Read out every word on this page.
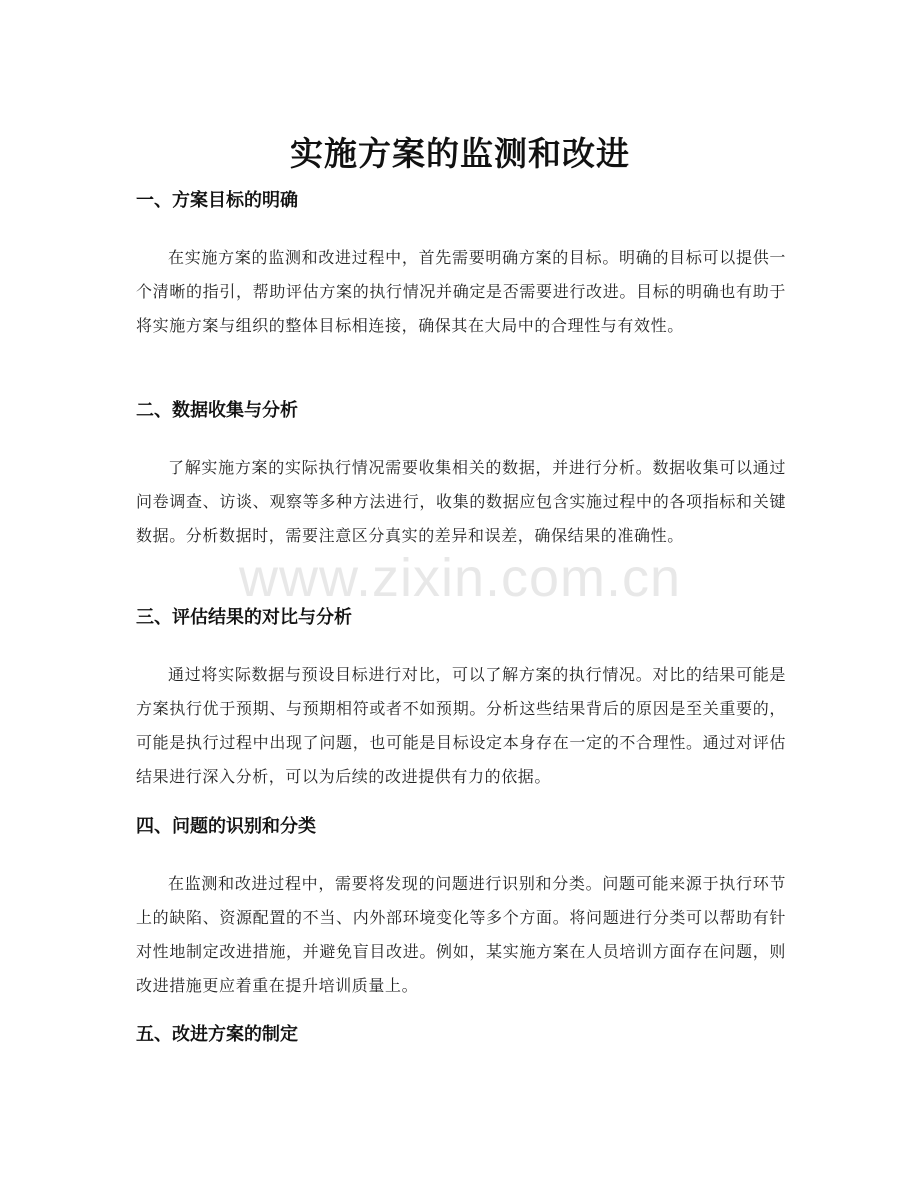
实施方案的监测和改进
一、方案目标的明确

在实施方案的监测和改进过程中，首先需要明确方案的目标。明确的目标可以提供一个清晰的指引，帮助评估方案的执行情况并确定是否需要进行改进。目标的明确也有助于将实施方案与组织的整体目标相连接，确保其在大局中的合理性与有效性。

二、数据收集与分析

了解实施方案的实际执行情况需要收集相关的数据，并进行分析。数据收集可以通过问卷调查、访谈、观察等多种方法进行，收集的数据应包含实施过程中的各项指标和关键数据。分析数据时，需要注意区分真实的差异和误差，确保结果的准确性。

三、评估结果的对比与分析

通过将实际数据与预设目标进行对比，可以了解方案的执行情况。对比的结果可能是方案执行优于预期、与预期相符或者不如预期。分析这些结果背后的原因是至关重要的，可能是执行过程中出现了问题，也可能是目标设定本身存在一定的不合理性。通过对评估结果进行深入分析，可以为后续的改进提供有力的依据。

四、问题的识别和分类

在监测和改进过程中，需要将发现的问题进行识别和分类。问题可能来源于执行环节上的缺陷、资源配置的不当、内外部环境变化等多个方面。将问题进行分类可以帮助有针对性地制定改进措施，并避免盲目改进。例如，某实施方案在人员培训方面存在问题，则改进措施更应着重在提升培训质量上。

五、改进方案的制定
www.zixin.com.cn
